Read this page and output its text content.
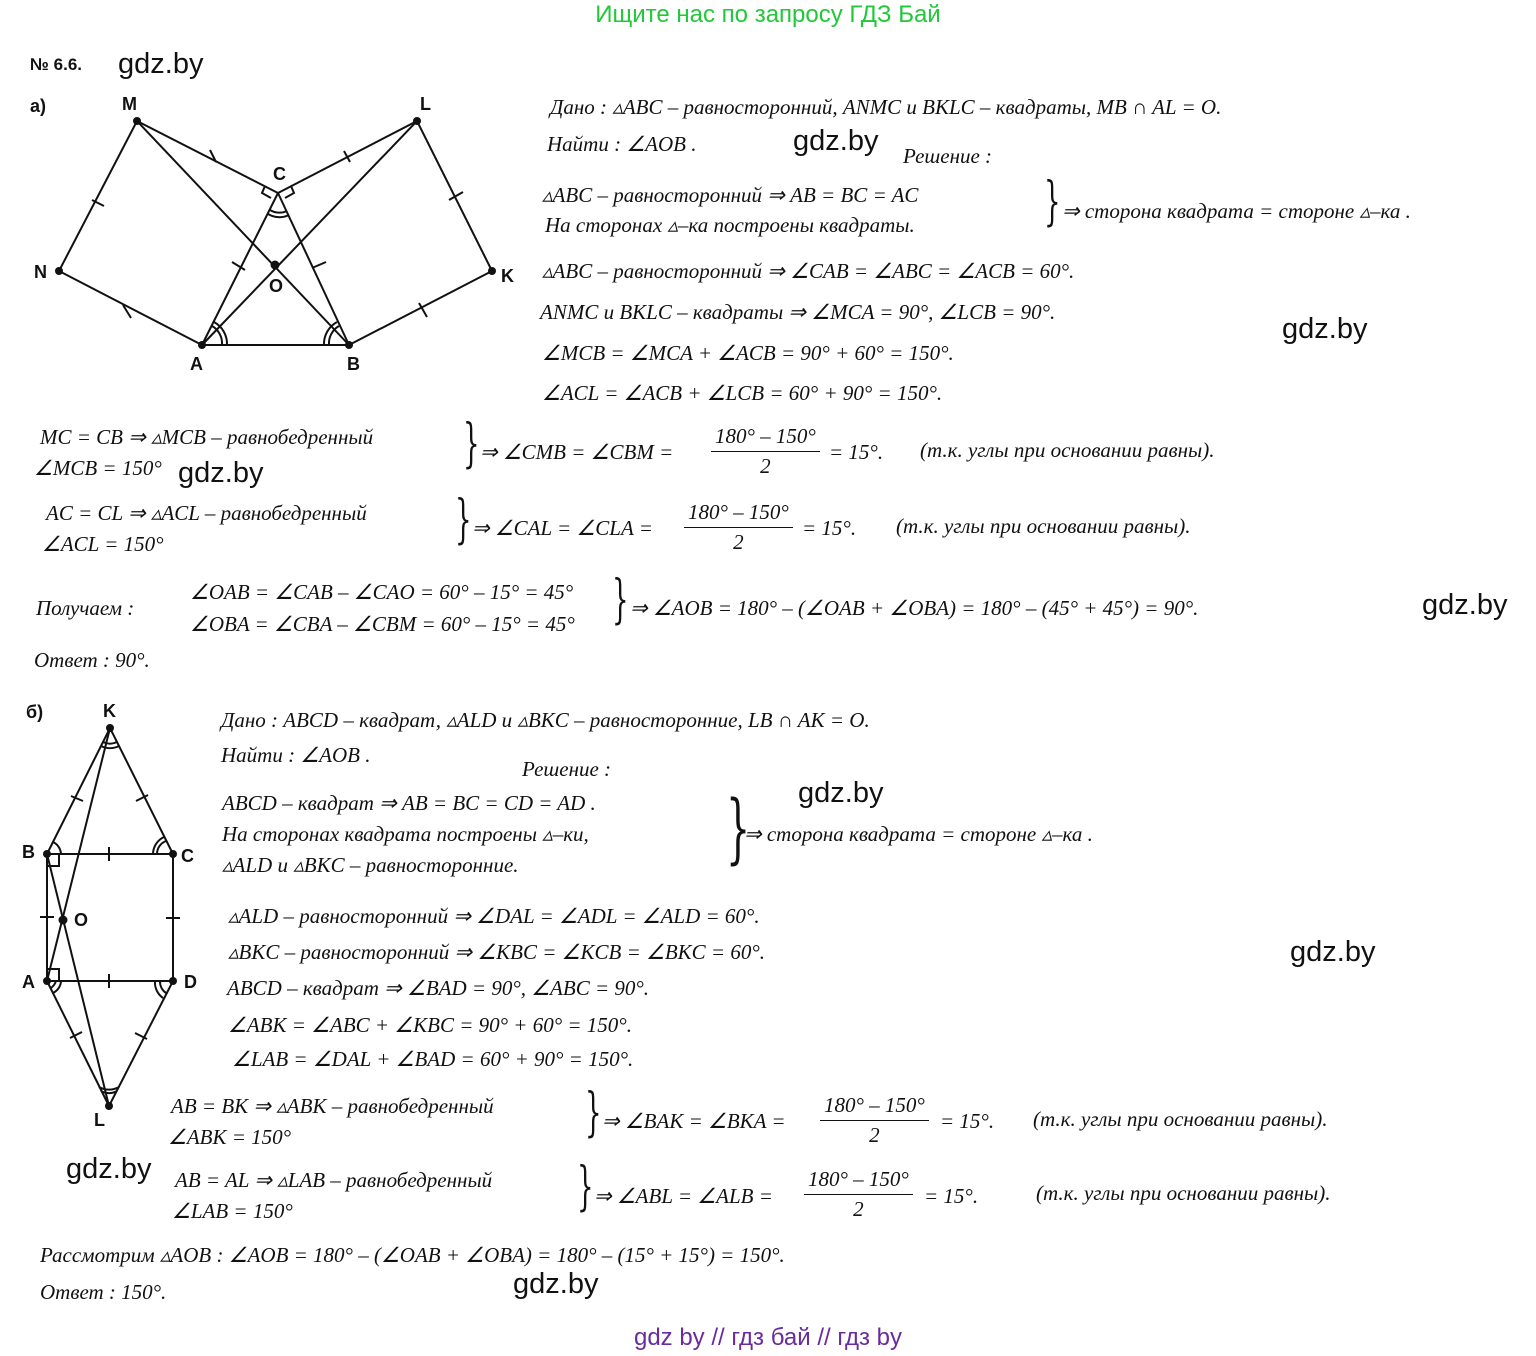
Ищите нас по запросу ГДЗ Бай
№ 6.6. gdz.by
gdz.by
gdz.by
gdz.by
gdz.by
gdz.by
gdz.by
gdz.by
gdz.by
а)	M	L
C
N	K
O
A	B
Дано : ▵ABC – равносторонний, ANMC и BKLC – квадраты, MB ∩ AL = O.
Найти : ∠AOB .	Решение :
▵ABC – равносторонний ⇒ AB = BC = AC
На сторонах ▵–ка построены квадраты. } ⇒ сторона квадрата = стороне ▵–ка .
▵ABC – равносторонний ⇒ ∠CAB = ∠ABC = ∠ACB = 60°.
ANMC и BKLC – квадраты ⇒ ∠MCA = 90°, ∠LCB = 90°.
∠MCB = ∠MCA + ∠ACB = 90° + 60° = 150°.
∠ACL = ∠ACB + ∠LCB = 60° + 90° = 150°.
MC = CB ⇒ ▵MCB – равнобедренный
∠MCB = 150°	} ⇒ ∠CMB = ∠CBM = $\frac{180^\circ - 150^\circ}{2} = 15^\circ$. (т.к. углы при основании равны).
AC = CL ⇒ ▵ACL – равнобедренный
∠ACL = 150°	} ⇒ ∠CAL = ∠CLA = $\frac{180^\circ - 150^\circ}{2} = 15^\circ$. (т.к. углы при основании равны).
Получаем :
∠OAB = ∠CAB – ∠CAO = 60° – 15° = 45°
∠OBA = ∠CBA – ∠CBM = 60° – 15° = 45° } ⇒ ∠AOB = 180° – (∠OAB + ∠OBA) = 180° – (45° + 45°) = 90°.
Ответ : 90°.
б)	K
B	C
O
A	D
L
Дано : ABCD – квадрат, ▵ALD и ▵BKC – равносторонние, LB ∩ AK = O.
Найти : ∠AOB .
Решение :
ABCD – квадрат ⇒ AB = BC = CD = AD .
На сторонах квадрата построены ▵–ки,
▵ALD и ▵BKC – равносторонние.	}
⇒ сторона квадрата = стороне ▵–ка .
▵ALD – равносторонний ⇒ ∠DAL = ∠ADL = ∠ALD = 60°.
▵BKC – равносторонний ⇒ ∠KBC = ∠KCB = ∠BKC = 60°.
ABCD – квадрат ⇒ ∠BAD = 90°, ∠ABC = 90°.
∠ABK = ∠ABC + ∠KBC = 90° + 60° = 150°.
∠LAB = ∠DAL + ∠BAD = 60° + 90° = 150°.
AB = BK ⇒ ▵ABK – равнобедренный
∠ABK = 150°	} ⇒ ∠BAK = ∠BKA = $\frac{180^\circ - 150^\circ}{2} = 15^\circ$. (т.к. углы при основании равны).
AB = AL ⇒ ▵LAB – равнобедренный
∠LAB = 150°	} ⇒ ∠ABL = ∠ALB = $\frac{180^\circ - 150^\circ}{2} = 15^\circ$.	(т.к. углы при основании равны).
Рассмотрим ▵AOB : ∠AOB = 180° – (∠OAB + ∠OBA) = 180° – (15° + 15°) = 150°.
Ответ : 150°.
gdz by // гдз бай // гдз by
